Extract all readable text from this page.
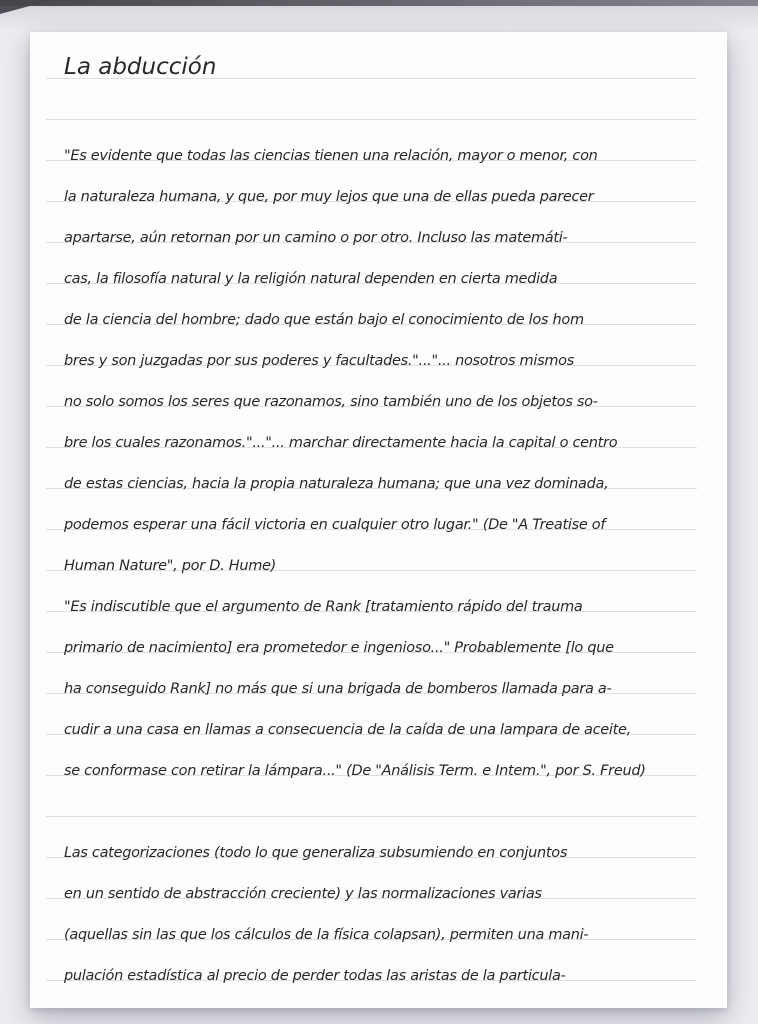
La abducción
"Es evidente que todas las ciencias tienen una relación, mayor o menor, con
la naturaleza humana, y que, por muy lejos que una de ellas pueda parecer
apartarse, aún retornan por un camino o por otro. Incluso las matemáti-
cas, la filosofía natural y la religión natural dependen en cierta medida
de la ciencia del hombre; dado que están bajo el conocimiento de los hom
bres y son juzgadas por sus poderes y facultades."..."... nosotros mismos
no solo somos los seres que razonamos, sino también uno de los objetos so-
bre los cuales razonamos."..."... marchar directamente hacia la capital o centro
de estas ciencias, hacia la propia naturaleza humana; que una vez dominada,
podemos esperar una fácil victoria en cualquier otro lugar." (De "A Treatise of
Human Nature", por D. Hume)
"Es indiscutible que el argumento de Rank [tratamiento rápido del trauma
primario de nacimiento] era prometedor e ingenioso..." Probablemente [lo que
ha conseguido Rank] no más que si una brigada de bomberos llamada para a-
cudir a una casa en llamas a consecuencia de la caída de una lampara de aceite,
se conformase con retirar la lámpara..." (De "Análisis Term. e Intem.", por S. Freud)
Las categorizaciones (todo lo que generaliza subsumiendo en conjuntos
en un sentido de abstracción creciente) y las normalizaciones varias
(aquellas sin las que los cálculos de la física colapsan), permiten una mani-
pulación estadística al precio de perder todas las aristas de la particula-
